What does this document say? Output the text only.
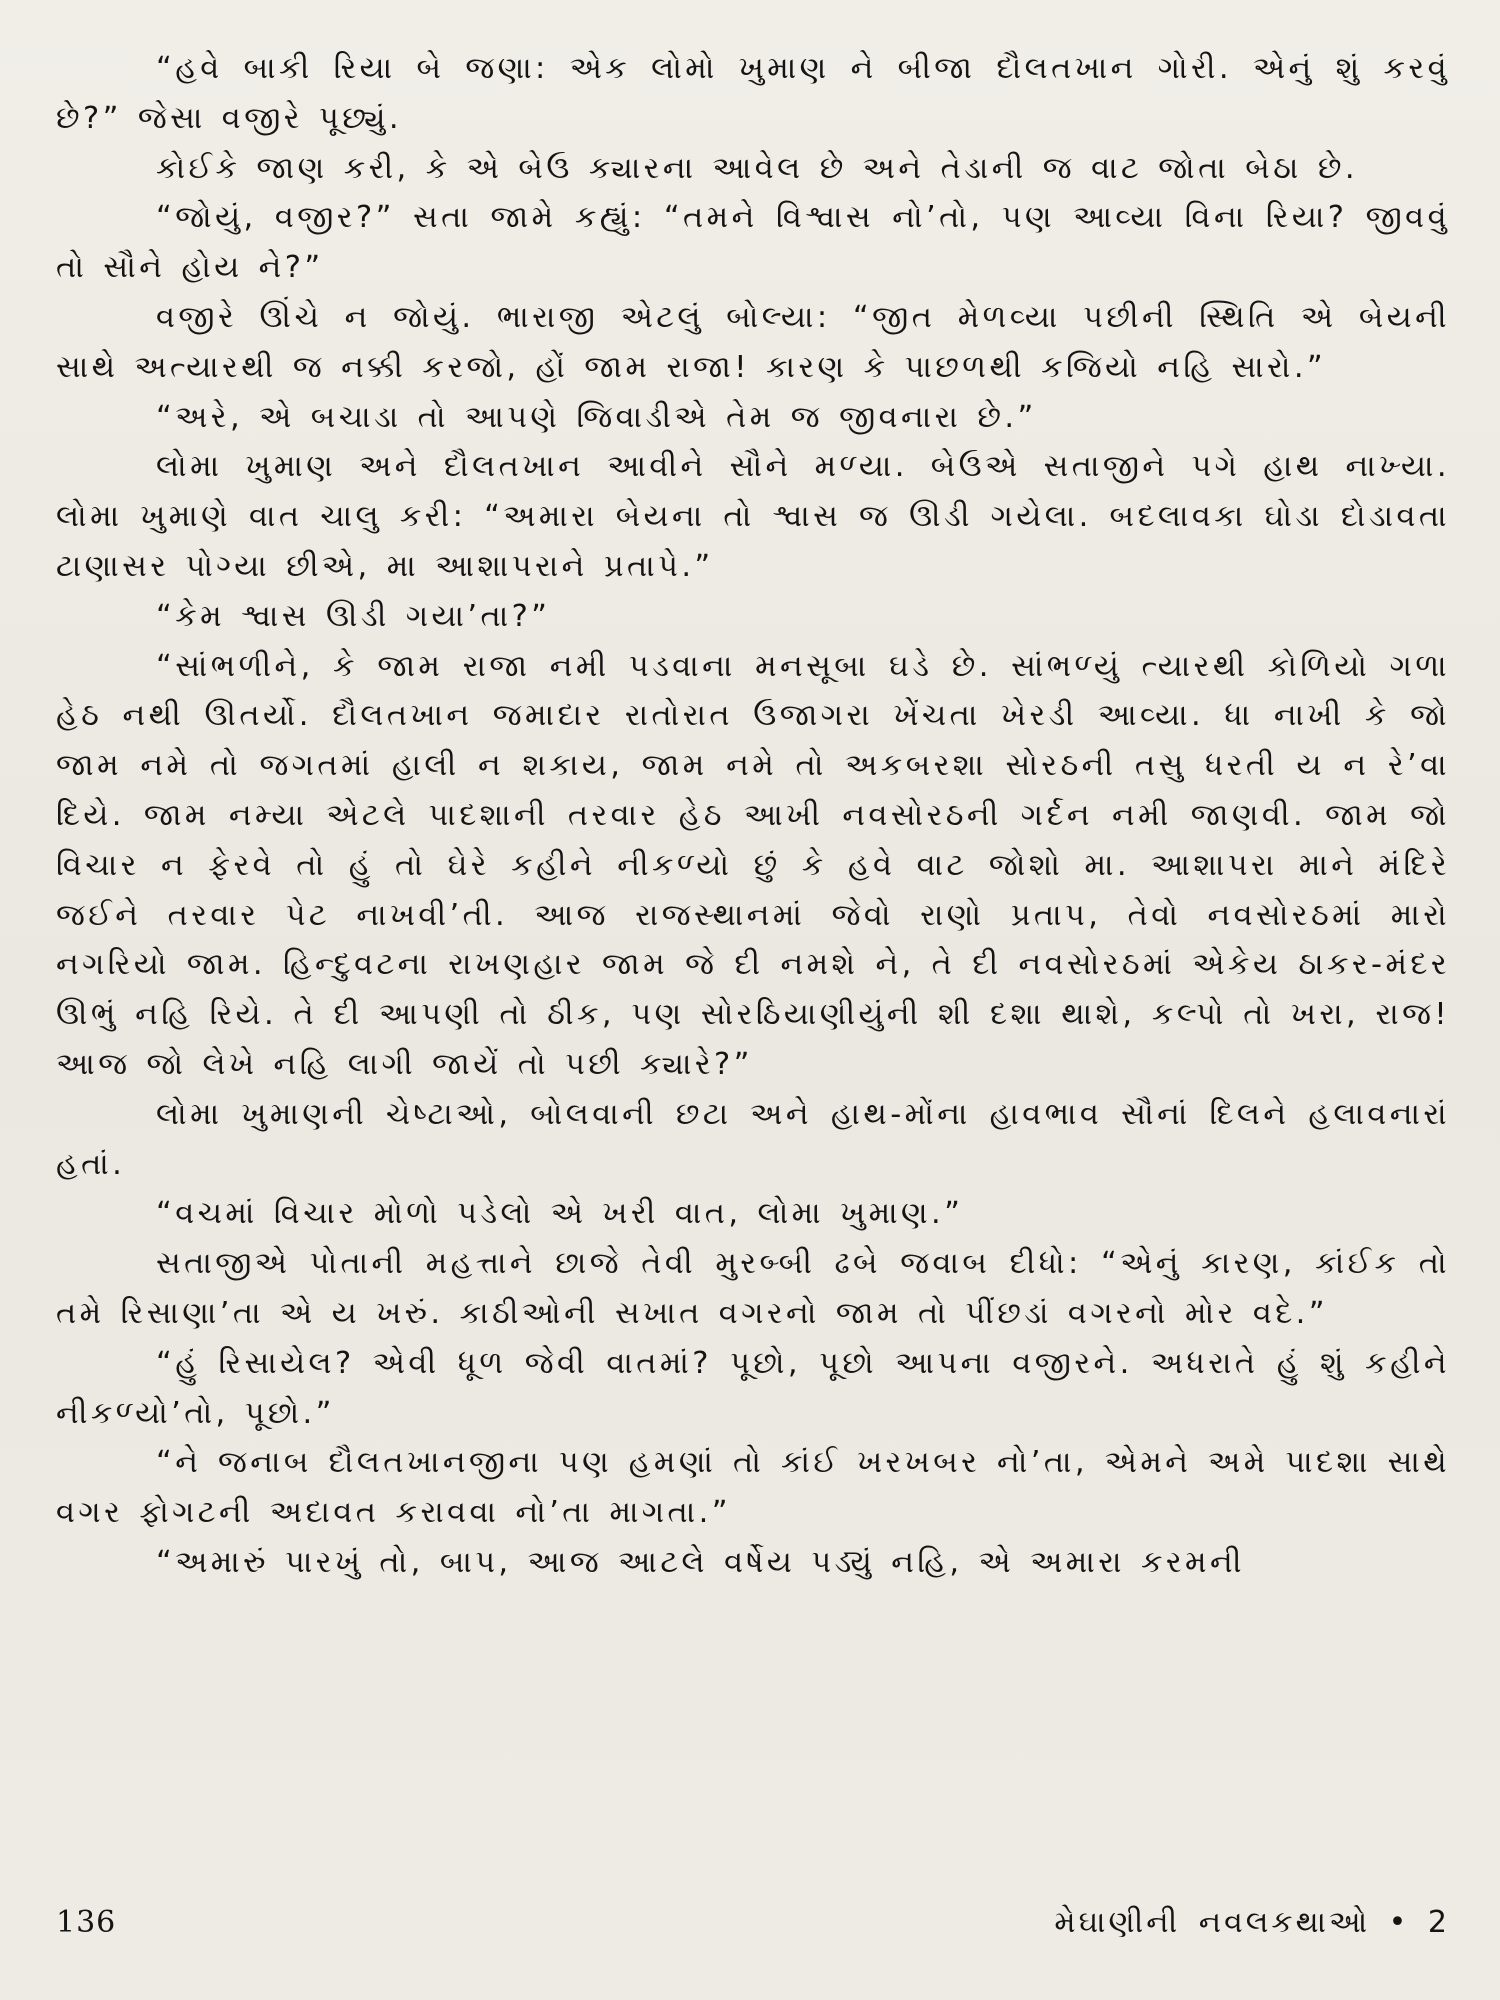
“હવે બાકી રિયા બે જણા: એક લોમો ખુમાણ ને બીજા દૌલતખાન ગોરી. એનું શું કરવું છે?” જેસા વજીરે પૂછ્યું.

કોઈકે જાણ કરી, કે એ બેઉ ક્યારના આવેલ છે અને તેડાની જ વાટ જોતા બેઠા છે.

“જોયું, વજીર?” સતા જામે કહ્યું: “તમને વિશ્વાસ નો’તો, પણ આવ્યા વિના રિયા? જીવવું તો સૌને હોય ને?”

વજીરે ઊંચે ન જોયું. ભારાજી એટલું બોલ્યા: “જીત મેળવ્યા પછીની સ્થિતિ એ બેયની સાથે અત્યારથી જ નક્કી કરજો, હોં જામ રાજા! કારણ કે પાછળથી કજિયો નહિ સારો.”

“અરે, એ બચાડા તો આપણે જિવાડીએ તેમ જ જીવનારા છે.”

લોમા ખુમાણ અને દૌલતખાન આવીને સૌને મળ્યા. બેઉએ સતાજીને પગે હાથ નાખ્યા. લોમા ખુમાણે વાત ચાલુ કરી: “અમારા બેયના તો શ્વાસ જ ઊડી ગયેલા. બદલાવકા ઘોડા દોડાવતા ટાણાસર પોગ્યા છીએ, મા આશાપરાને પ્રતાપે.”

“કેમ શ્વાસ ઊડી ગયા’તા?”

“સાંભળીને, કે જામ રાજા નમી પડવાના મનસૂબા ઘડે છે. સાંભળ્યું ત્યારથી કોળિયો ગળા હેઠ નથી ઊતર્યો. દૌલતખાન જમાદાર રાતોરાત ઉજાગરા ખેંચતા ખેરડી આવ્યા. ધા નાખી કે જો જામ નમે તો જગતમાં હાલી ન શકાય, જામ નમે તો અકબરશા સોરઠની તસુ ધરતી ય ન રે’વા દિયે. જામ નમ્યા એટલે પાદશાની તરવાર હેઠ આખી નવસોરઠની ગર્દન નમી જાણવી. જામ જો વિચાર ન ફેરવે તો હું તો ઘેરે કહીને નીકળ્યો છું કે હવે વાટ જોશો મા. આશાપરા માને મંદિરે જઈને તરવાર પેટ નાખવી’તી. આજ રાજસ્થાનમાં જેવો રાણો પ્રતાપ, તેવો નવસોરઠમાં મારો નગરિયો જામ. હિન્દુવટના રાખણહાર જામ જે દી નમશે ને, તે દી નવસોરઠમાં એકેય ઠાકર-મંદર ઊભું નહિ રિયે. તે દી આપણી તો ઠીક, પણ સોરઠિયાણીયુંની શી દશા થાશે, કલ્પો તો ખરા, રાજ! આજ જો લેખે નહિ લાગી જાયેં તો પછી ક્યારે?”

લોમા ખુમાણની ચેષ્ટાઓ, બોલવાની છટા અને હાથ-મોંના હાવભાવ સૌનાં દિલને હલાવનારાં હતાં.

“વચમાં વિચાર મોળો પડેલો એ ખરી વાત, લોમા ખુમાણ.”

સતાજીએ પોતાની મહત્તાને છાજે તેવી મુરબ્બી ઢબે જવાબ દીધો: “એનું કારણ, કાંઈક તો તમે રિસાણા’તા એ ય ખરું. કાઠીઓની સખાત વગરનો જામ તો પીંછડાં વગરનો મોર વદે.”

“હું રિસાયેલ? એવી ધૂળ જેવી વાતમાં? પૂછો, પૂછો આપના વજીરને. અધરાતે હું શું કહીને નીકળ્યો’તો, પૂછો.”

“ને જનાબ દૌલતખાનજીના પણ હમણાં તો કાંઈ ખરખબર નો’તા, એમને અમે પાદશા સાથે વગર ફોગટની અદાવત કરાવવા નો’તા માગતા.”

“અમારું પારખું તો, બાપ, આજ આટલે વર્ષેય પડ્યું નહિ, એ અમારા કરમની

136	મેઘાણીની નવલકથાઓ • 2
